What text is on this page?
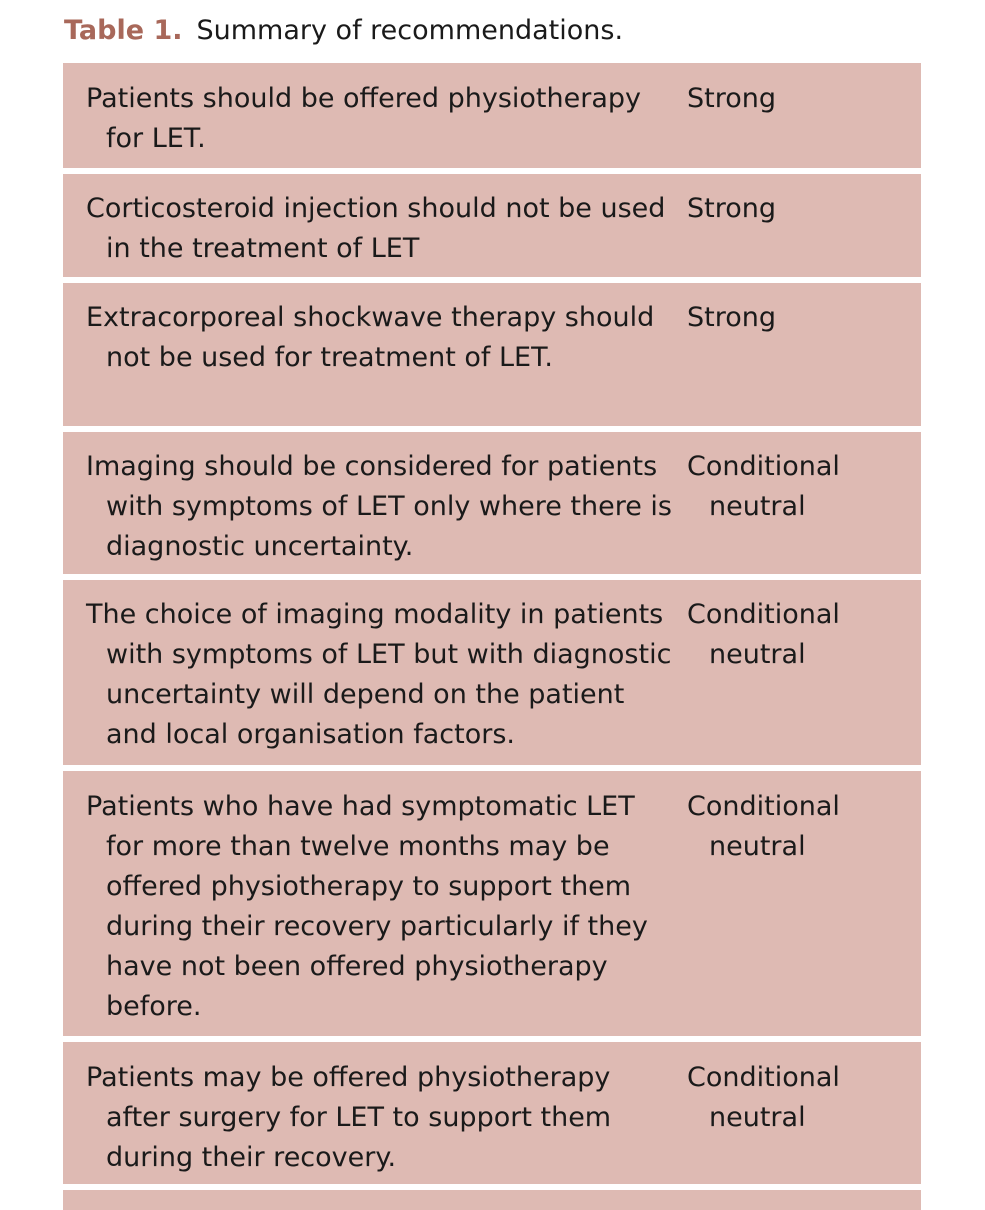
Table 1. Summary of recommendations.
Patients should be offered physiotherapy for LET.
Strong
Corticosteroid injection should not be used in the treatment of LET
Strong
Extracorporeal shockwave therapy should not be used for treatment of LET.
Strong
Imaging should be considered for patients with symptoms of LET only where there is diagnostic uncertainty.
Conditional neutral
The choice of imaging modality in patients with symptoms of LET but with diagnostic uncertainty will depend on the patient and local organisation factors.
Conditional neutral
Patients who have had symptomatic LET for more than twelve months may be offered physiotherapy to support them during their recovery particularly if they have not been offered physiotherapy before.
Conditional neutral
Patients may be offered physiotherapy after surgery for LET to support them during their recovery.
Conditional neutral
